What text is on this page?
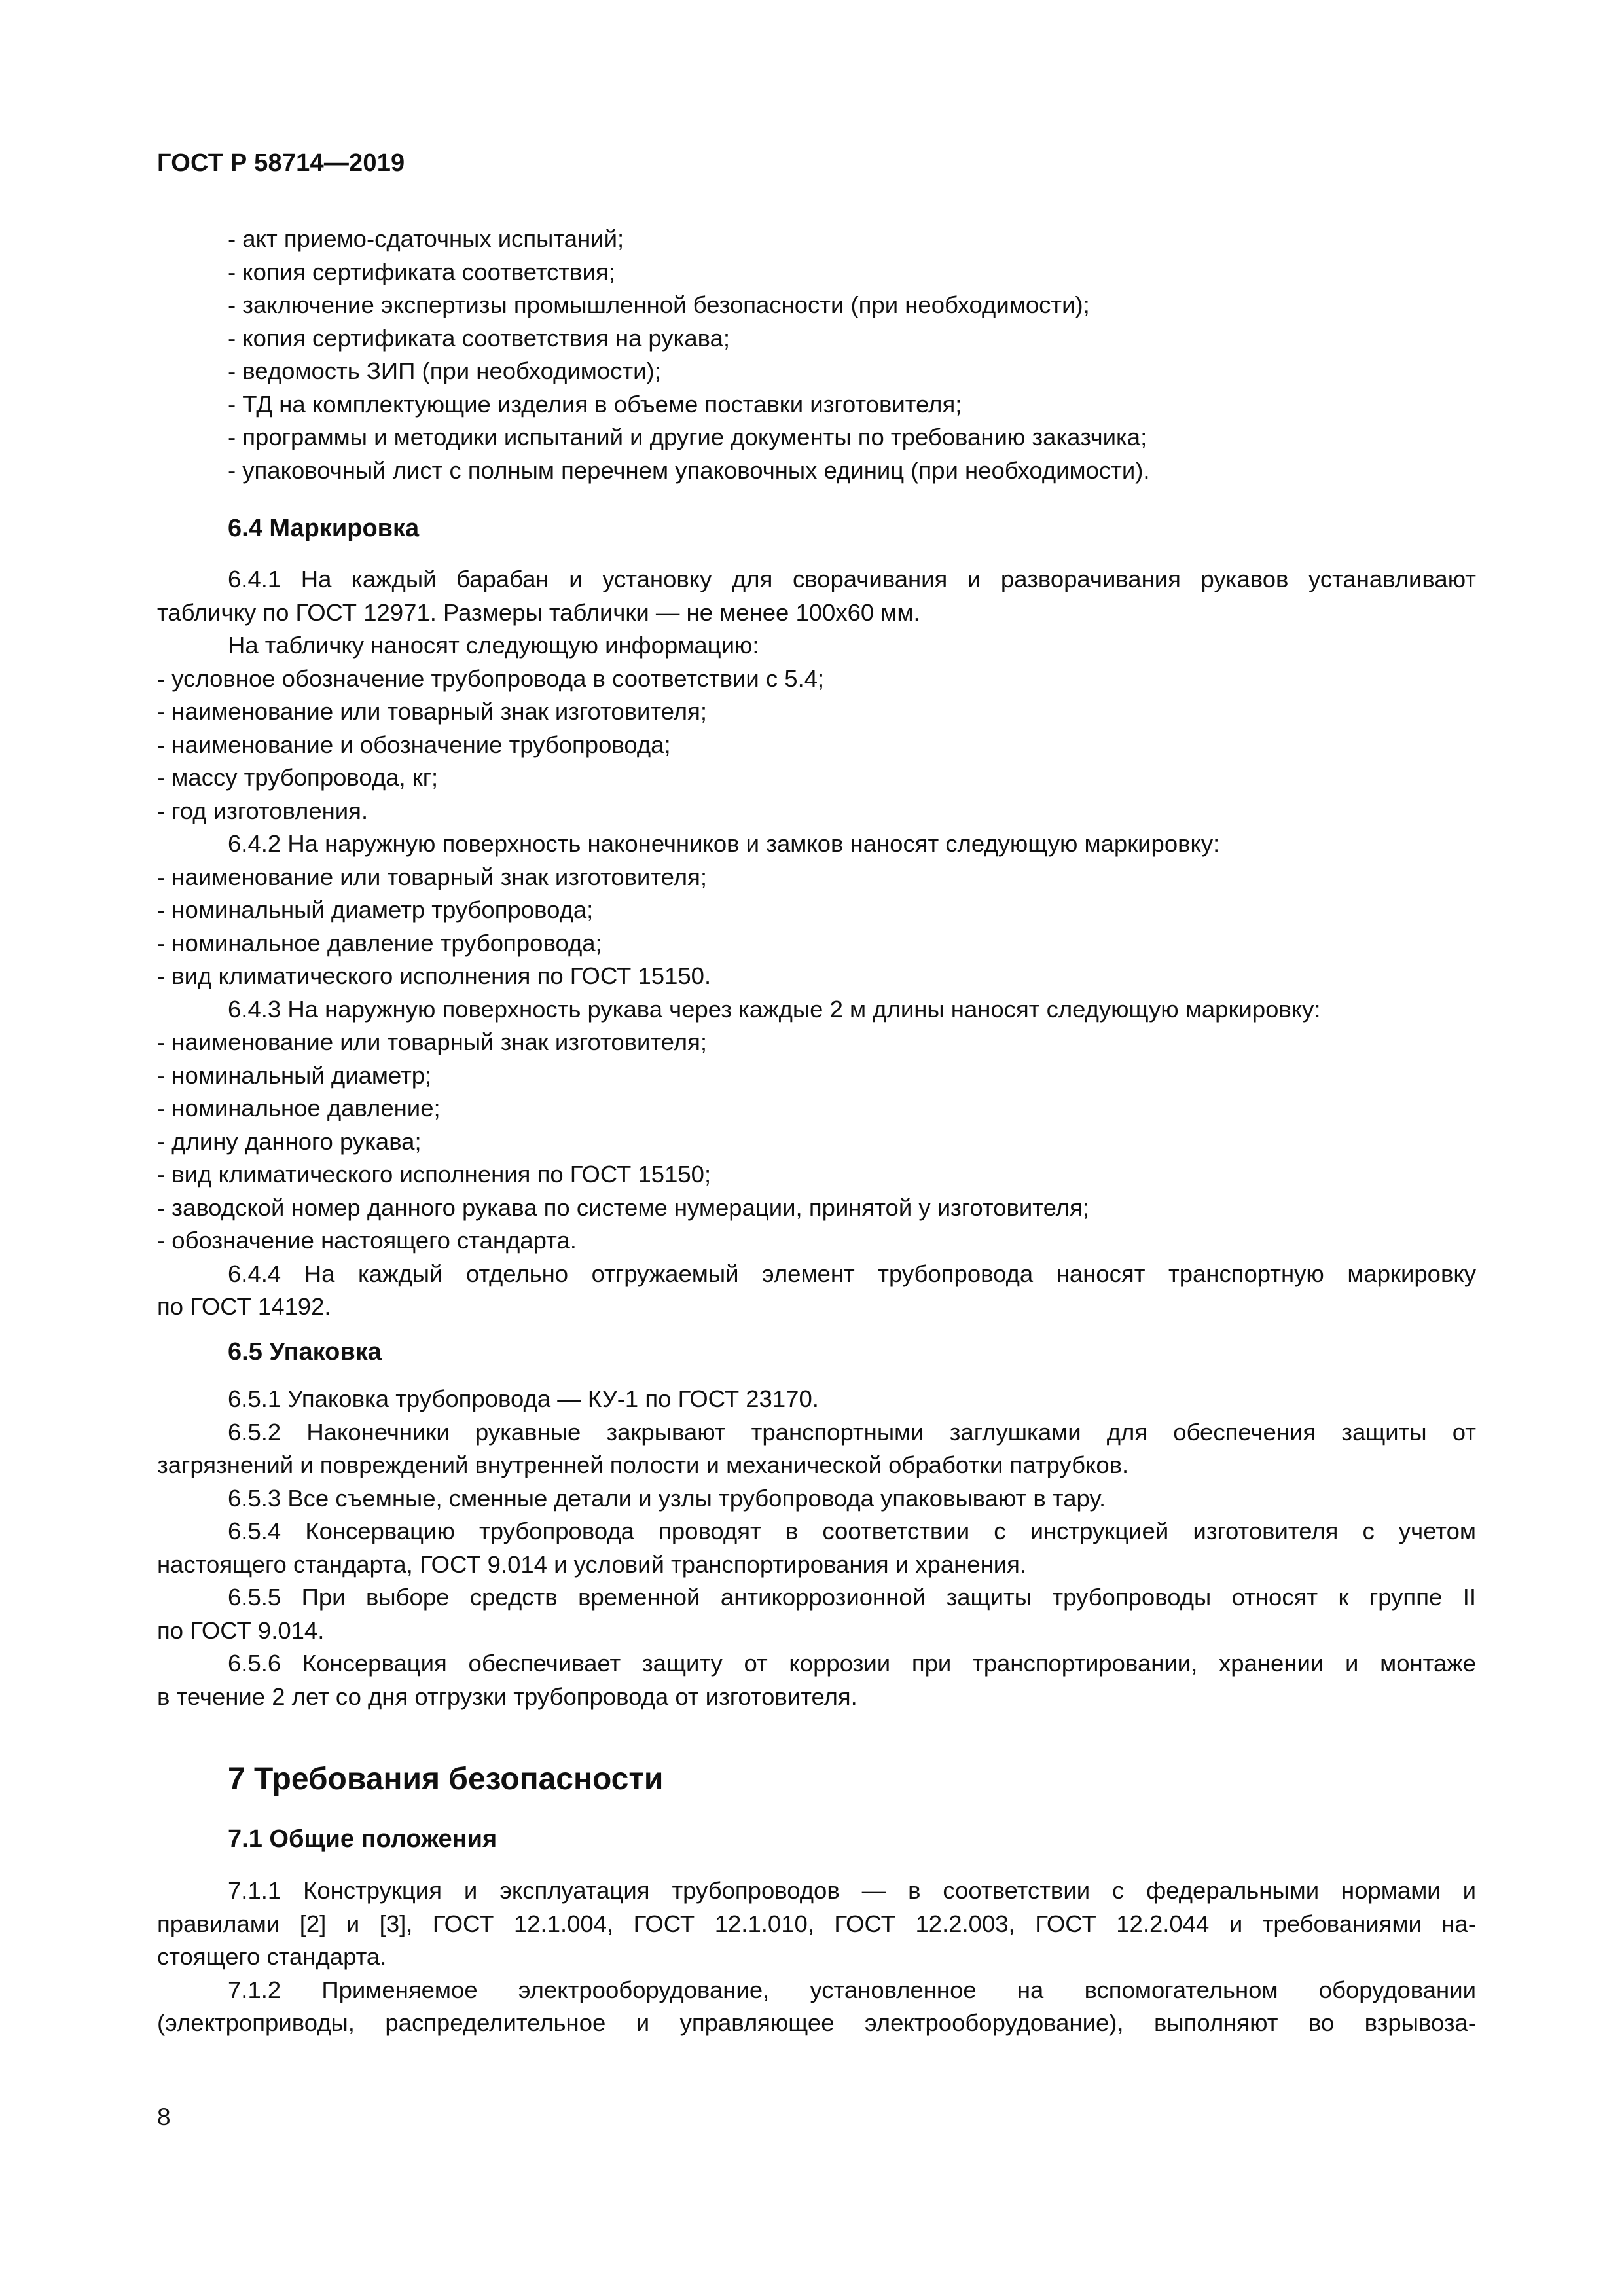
ГОСТ Р 58714—2019
- акт приемо-сдаточных испытаний;
- копия сертификата соответствия;
- заключение экспертизы промышленной безопасности (при необходимости);
- копия сертификата соответствия на рукава;
- ведомость ЗИП (при необходимости);
- ТД на комплектующие изделия в объеме поставки изготовителя;
- программы и методики испытаний и другие документы по требованию заказчика;
- упаковочный лист с полным перечнем упаковочных единиц (при необходимости).
6.4 Маркировка
6.4.1 На каждый барабан и установку для сворачивания и разворачивания рукавов устанавливают
табличку по ГОСТ 12971. Размеры таблички — не менее 100х60 мм.
На табличку наносят следующую информацию:
- условное обозначение трубопровода в соответствии с 5.4;
- наименование или товарный знак изготовителя;
- наименование и обозначение трубопровода;
- массу трубопровода, кг;
- год изготовления.
6.4.2 На наружную поверхность наконечников и замков наносят следующую маркировку:
- наименование или товарный знак изготовителя;
- номинальный диаметр трубопровода;
- номинальное давление трубопровода;
- вид климатического исполнения по ГОСТ 15150.
6.4.3 На наружную поверхность рукава через каждые 2 м длины наносят следующую маркировку:
- наименование или товарный знак изготовителя;
- номинальный диаметр;
- номинальное давление;
- длину данного рукава;
- вид климатического исполнения по ГОСТ 15150;
- заводской номер данного рукава по системе нумерации, принятой у изготовителя;
- обозначение настоящего стандарта.
6.4.4 На каждый отдельно отгружаемый элемент трубопровода наносят транспортную маркировку
по ГОСТ 14192.
6.5 Упаковка
6.5.1 Упаковка трубопровода — КУ-1 по ГОСТ 23170.
6.5.2 Наконечники рукавные закрывают транспортными заглушками для обеспечения защиты от
загрязнений и повреждений внутренней полости и механической обработки патрубков.
6.5.3 Все съемные, сменные детали и узлы трубопровода упаковывают в тару.
6.5.4 Консервацию трубопровода проводят в соответствии с инструкцией изготовителя с учетом
настоящего стандарта, ГОСТ 9.014 и условий транспортирования и хранения.
6.5.5 При выборе средств временной антикоррозионной защиты трубопроводы относят к группе II
по ГОСТ 9.014.
6.5.6 Консервация обеспечивает защиту от коррозии при транспортировании, хранении и монтаже
в течение 2 лет со дня отгрузки трубопровода от изготовителя.
7 Требования безопасности
7.1 Общие положения
7.1.1 Конструкция и эксплуатация трубопроводов — в соответствии с федеральными нормами и
правилами [2] и [3], ГОСТ 12.1.004, ГОСТ 12.1.010, ГОСТ 12.2.003, ГОСТ 12.2.044 и требованиями на-
стоящего стандарта.
7.1.2 Применяемое электрооборудование, установленное на вспомогательном оборудовании
(электроприводы, распределительное и управляющее электрооборудование), выполняют во взрывоза-
8
